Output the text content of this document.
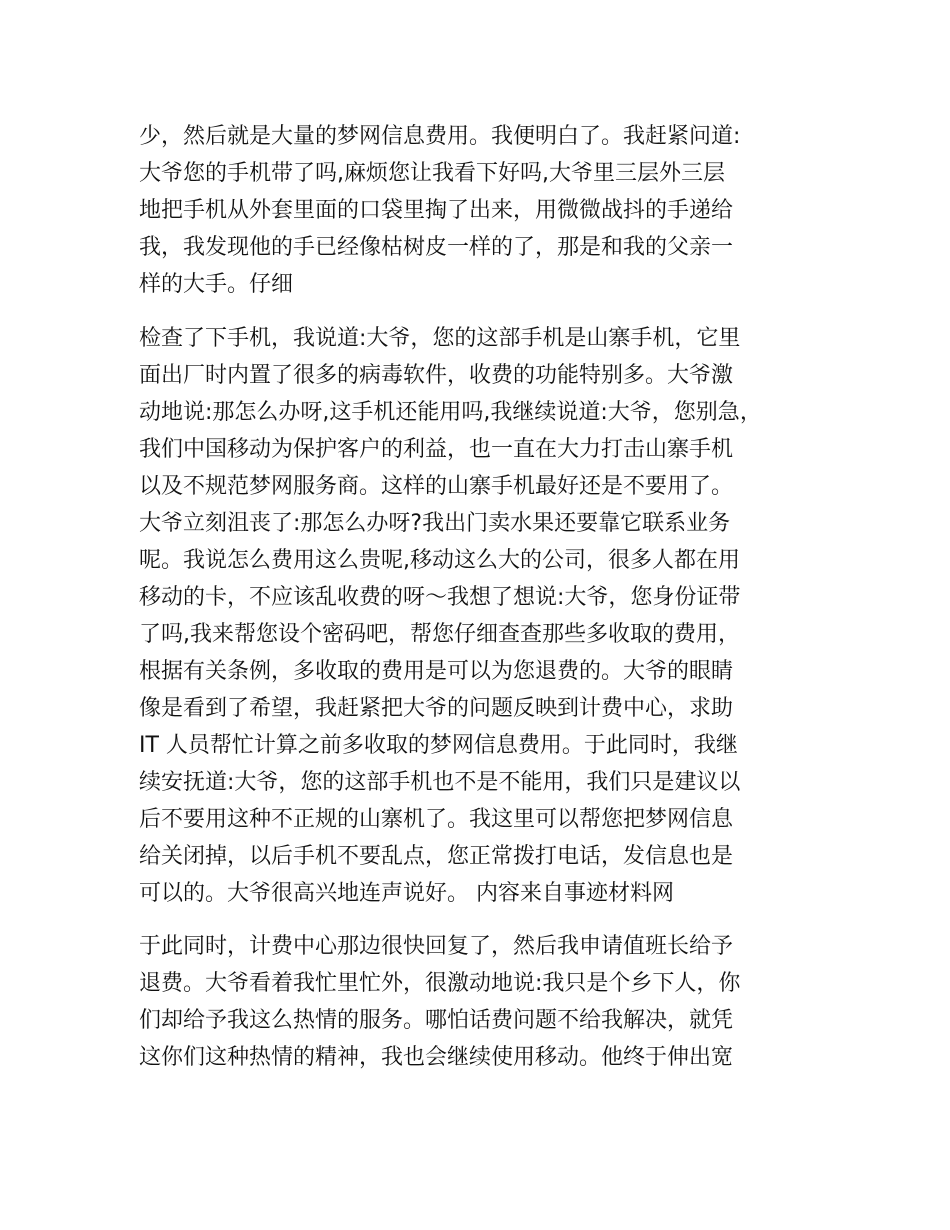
少，然后就是大量的梦网信息费用。我便明白了。我赶紧问道:
大爷您的手机带了吗,麻烦您让我看下好吗,大爷里三层外三层
地把手机从外套里面的口袋里掏了出来，用微微战抖的手递给
我，我发现他的手已经像枯树皮一样的了，那是和我的父亲一
样的大手。仔细
检查了下手机，我说道:大爷，您的这部手机是山寨手机，它里
面出厂时内置了很多的病毒软件，收费的功能特别多。大爷激
动地说:那怎么办呀,这手机还能用吗,我继续说道:大爷，您别急，
我们中国移动为保护客户的利益，也一直在大力打击山寨手机
以及不规范梦网服务商。这样的山寨手机最好还是不要用了。
大爷立刻沮丧了:那怎么办呀?我出门卖水果还要靠它联系业务
呢。我说怎么费用这么贵呢,移动这么大的公司，很多人都在用
移动的卡，不应该乱收费的呀～我想了想说:大爷，您身份证带
了吗,我来帮您设个密码吧，帮您仔细查查那些多收取的费用，
根据有关条例，多收取的费用是可以为您退费的。大爷的眼睛
像是看到了希望，我赶紧把大爷的问题反映到计费中心，求助
IT 人员帮忙计算之前多收取的梦网信息费用。于此同时，我继
续安抚道:大爷，您的这部手机也不是不能用，我们只是建议以
后不要用这种不正规的山寨机了。我这里可以帮您把梦网信息
给关闭掉，以后手机不要乱点，您正常拨打电话，发信息也是
可以的。大爷很高兴地连声说好。 内容来自事迹材料网
于此同时，计费中心那边很快回复了，然后我申请值班长给予
退费。大爷看着我忙里忙外，很激动地说:我只是个乡下人，你
们却给予我这么热情的服务。哪怕话费问题不给我解决，就凭
这你们这种热情的精神，我也会继续使用移动。他终于伸出宽
